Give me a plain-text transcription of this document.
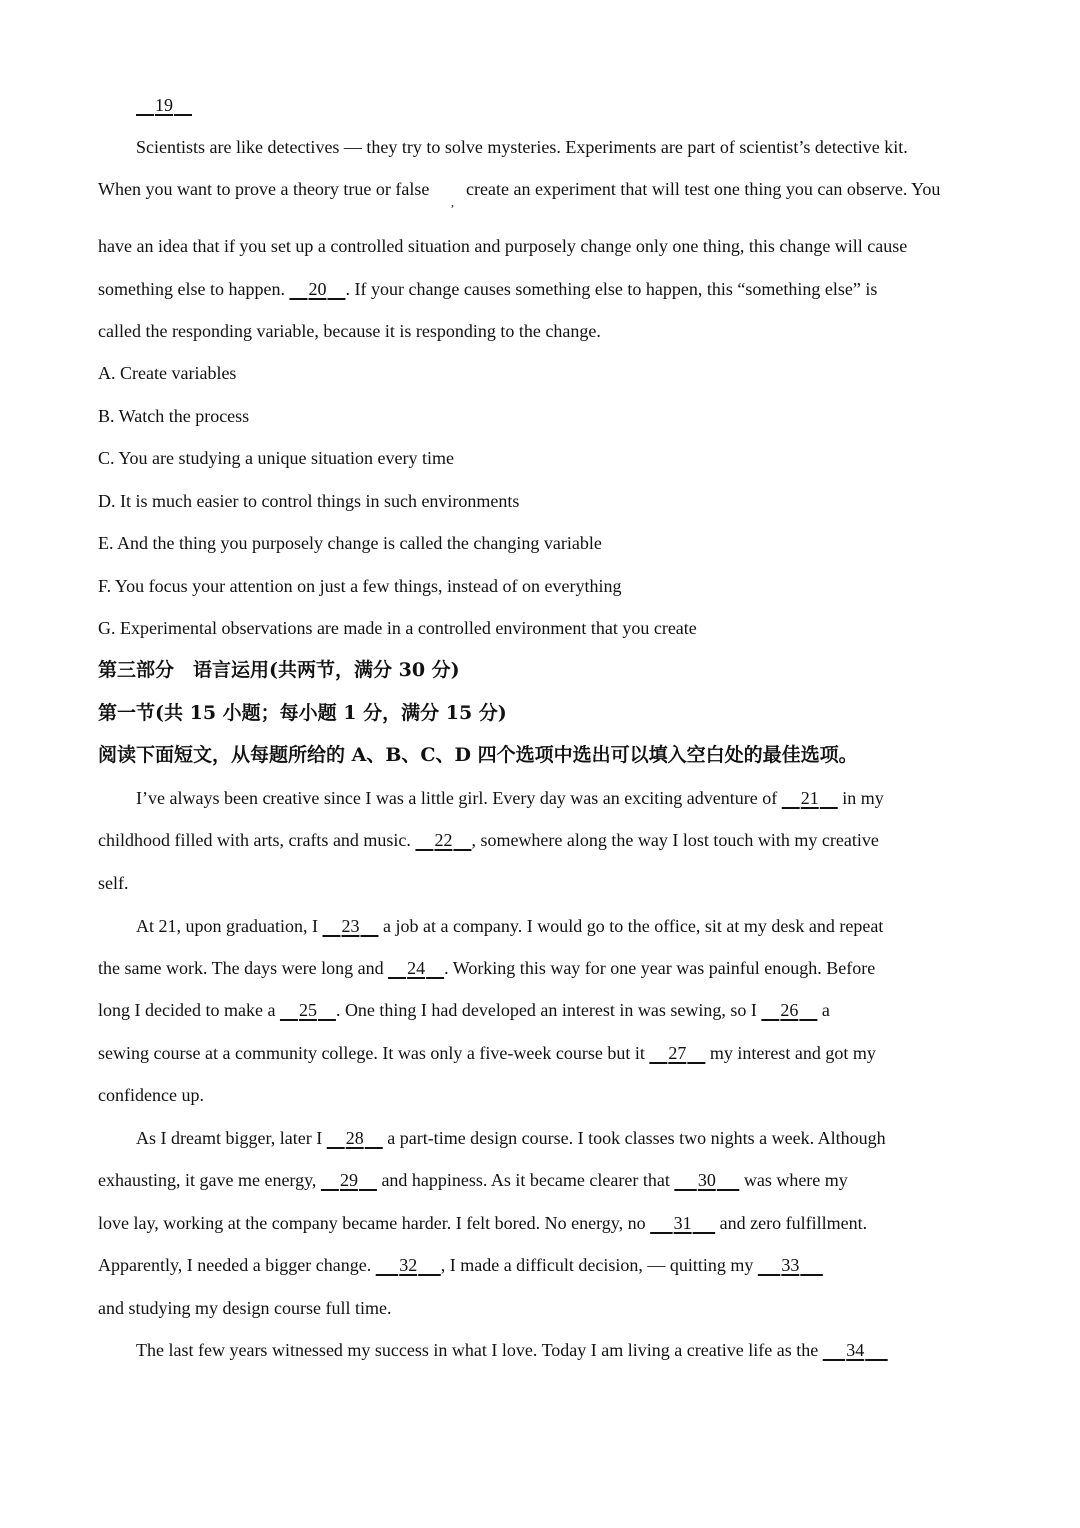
19
Scientists are like detectives — they try to solve mysteries. Experiments are part of scientist’s detective kit.
When you want to prove a theory true or false
,
create an experiment that will test one thing you can observe. You
have an idea that if you set up a controlled situation and purposely change only one thing, this change will cause
something else to happen. 20 . If your change causes something else to happen, this “something else” is
called the responding variable, because it is responding to the change.
A. Create variables
B. Watch the process
C. You are studying a unique situation every time
D. It is much easier to control things in such environments
E. And the thing you purposely change is called the changing variable
F. You focus your attention on just a few things, instead of on everything
G. Experimental observations are made in a controlled environment that you create
第三部分　语言运用(共两节，满分 30 分)
第一节(共 15 小题；每小题 1 分，满分 15 分)
阅读下面短文，从每题所给的 A、B、C、D 四个选项中选出可以填入空白处的最佳选项。
I’ve always been creative since I was a little girl. Every day was an exciting adventure of 21 in my
childhood filled with arts, crafts and music. 22 , somewhere along the way I lost touch with my creative
self.
At 21, upon graduation, I 23 a job at a company. I would go to the office, sit at my desk and repeat
the same work. The days were long and 24 . Working this way for one year was painful enough. Before
long I decided to make a 25 . One thing I had developed an interest in was sewing, so I 26 a
sewing course at a community college. It was only a five-week course but it 27 my interest and got my
confidence up.
As I dreamt bigger, later I 28 a part-time design course. I took classes two nights a week. Although
exhausting, it gave me energy, 29 and happiness. As it became clearer that 30 was where my
love lay, working at the company became harder. I felt bored. No energy, no 31 and zero fulfillment.
Apparently, I needed a bigger change. 32 , I made a difficult decision, — quitting my 33
and studying my design course full time.
The last few years witnessed my success in what I love. Today I am living a creative life as the 34
